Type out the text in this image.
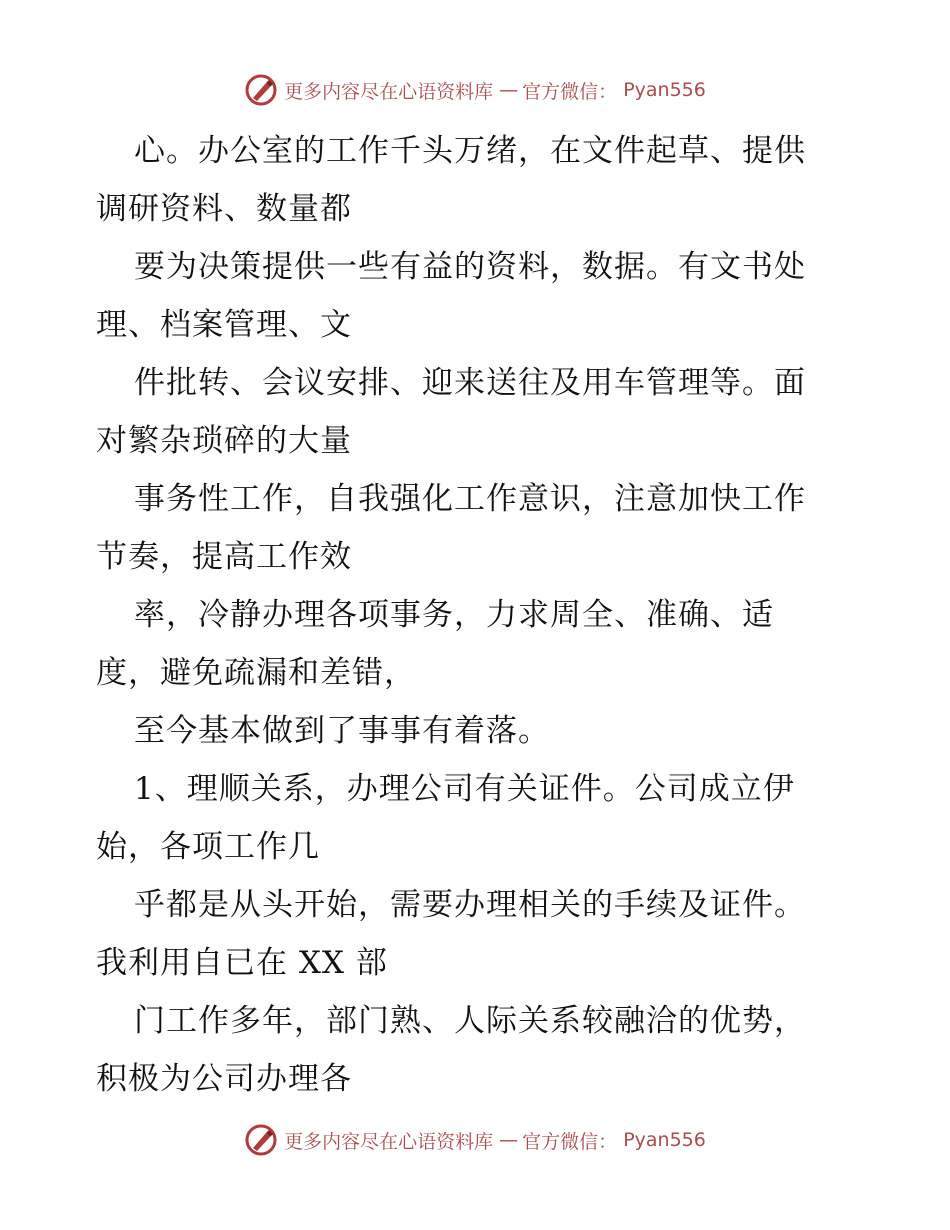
更多内容尽在心语资料库 — 官方微信： Pyan556
心。办公室的工作千头万绪，在文件起草、提供
调研资料、数量都
要为决策提供一些有益的资料，数据。有文书处
理、档案管理、文
件批转、会议安排、迎来送往及用车管理等。面
对繁杂琐碎的大量
事务性工作，自我强化工作意识，注意加快工作
节奏，提高工作效
率，冷静办理各项事务，力求周全、准确、适
度，避免疏漏和差错，
至今基本做到了事事有着落。
1、理顺关系，办理公司有关证件。公司成立伊
始，各项工作几
乎都是从头开始，需要办理相关的手续及证件。
我利用自已在 XX 部
门工作多年，部门熟、人际关系较融洽的优势，
积极为公司办理各
更多内容尽在心语资料库 — 官方微信： Pyan556
